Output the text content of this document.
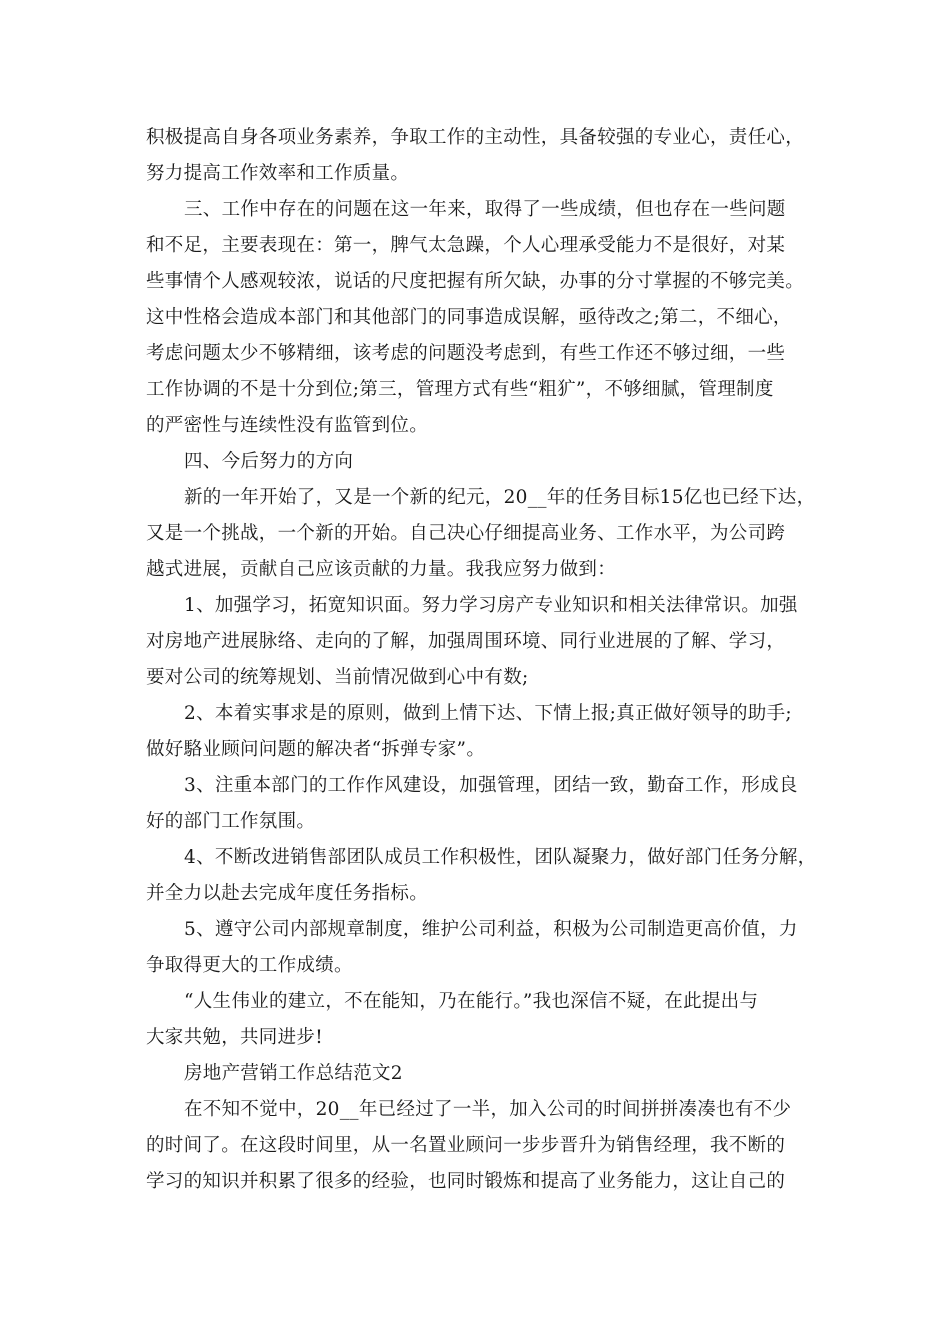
积极提高自身各项业务素养，争取工作的主动性，具备较强的专业心，责任心，
努力提高工作效率和工作质量。
三、工作中存在的问题在这一年来，取得了一些成绩，但也存在一些问题
和不足，主要表现在：第一，脾气太急躁，个人心理承受能力不是很好，对某
些事情个人感观较浓，说话的尺度把握有所欠缺，办事的分寸掌握的不够完美。
这中性格会造成本部门和其他部门的同事造成误解，亟待改之;第二，不细心，
考虑问题太少不够精细，该考虑的问题没考虑到，有些工作还不够过细，一些
工作协调的不是十分到位;第三，管理方式有些“粗犷”，不够细腻，管理制度
的严密性与连续性没有监管到位。
四、今后努力的方向
新的一年开始了，又是一个新的纪元，20__年的任务目标15亿也已经下达，
又是一个挑战，一个新的开始。自己决心仔细提高业务、工作水平，为公司跨
越式进展，贡献自己应该贡献的力量。我我应努力做到：
1、加强学习，拓宽知识面。努力学习房产专业知识和相关法律常识。加强
对房地产进展脉络、走向的了解，加强周围环境、同行业进展的了解、学习，
要对公司的统筹规划、当前情况做到心中有数;
2、本着实事求是的原则，做到上情下达、下情上报;真正做好领导的助手;
做好駱业顾问问题的解决者“拆弹专家”。
3、注重本部门的工作作风建设，加强管理，团结一致，勤奋工作，形成良
好的部门工作氛围。
4、不断改进销售部团队成员工作积极性，团队凝聚力，做好部门任务分解，
并全力以赴去完成年度任务指标。
5、遵守公司内部规章制度，维护公司利益，积极为公司制造更高价值，力
争取得更大的工作成绩。
“人生伟业的建立，不在能知，乃在能行。”我也深信不疑，在此提出与
大家共勉，共同进步!
房地产营销工作总结范文2
在不知不觉中，20__年已经过了一半，加入公司的时间拼拼凑凑也有不少
的时间了。在这段时间里，从一名置业顾问一步步晋升为销售经理，我不断的
学习的知识并积累了很多的经验，也同时锻炼和提高了业务能力，这让自己的
